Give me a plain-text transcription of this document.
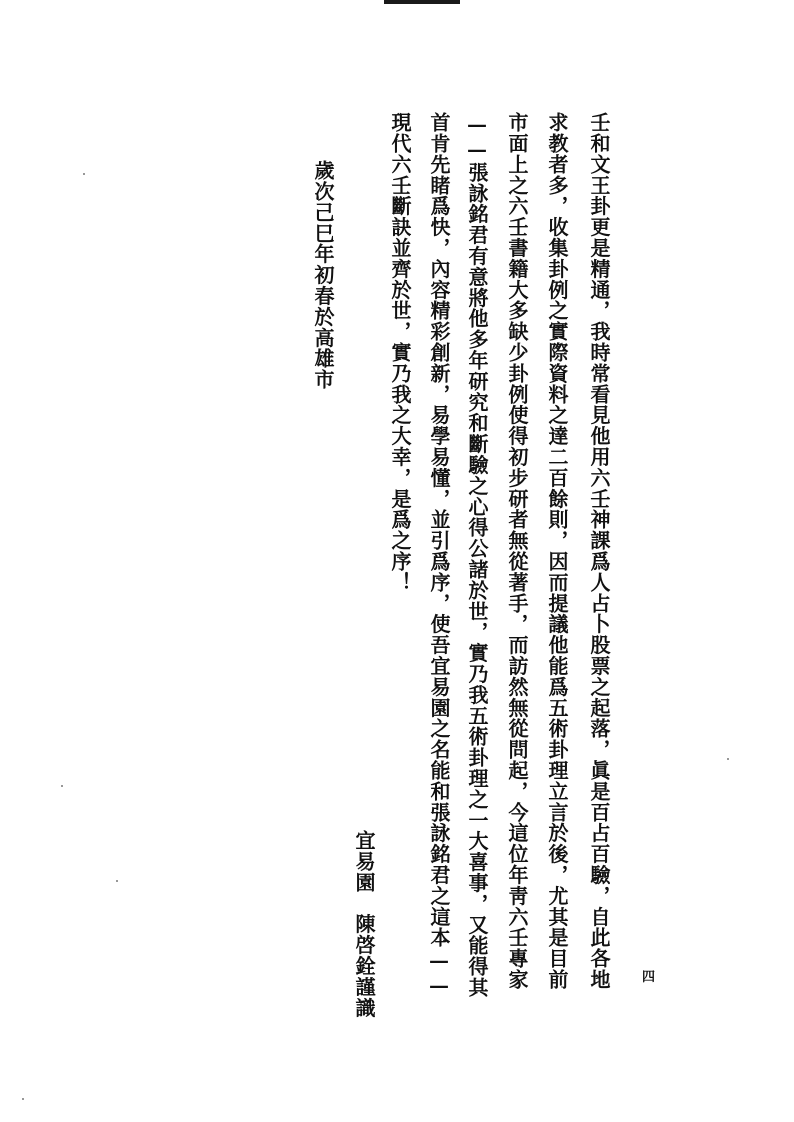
壬和文王卦更是精通，我時常看見他用六壬神課爲人占卜股票之起落，眞是百占百驗，自此各地
求教者多，收集卦例之實際資料之達二百餘則，因而提議他能爲五術卦理立言於後，尤其是目前
市面上之六壬書籍大多缺少卦例使得初步研者無從著手，而訪然無從問起，今這位年靑六壬專家
——張詠銘君有意將他多年研究和斷驗之心得公諸於世，實乃我五術卦理之一大喜事，又能得其
首肯先睹爲快，內容精彩創新，易學易懂，並引爲序，使吾宜易園之名能和張詠銘君之這本——
現代六壬斷訣並齊於世，實乃我之大幸，是爲之序！
宜易園　陳啓銓謹識
歲次己巳年初春於高雄市
四
